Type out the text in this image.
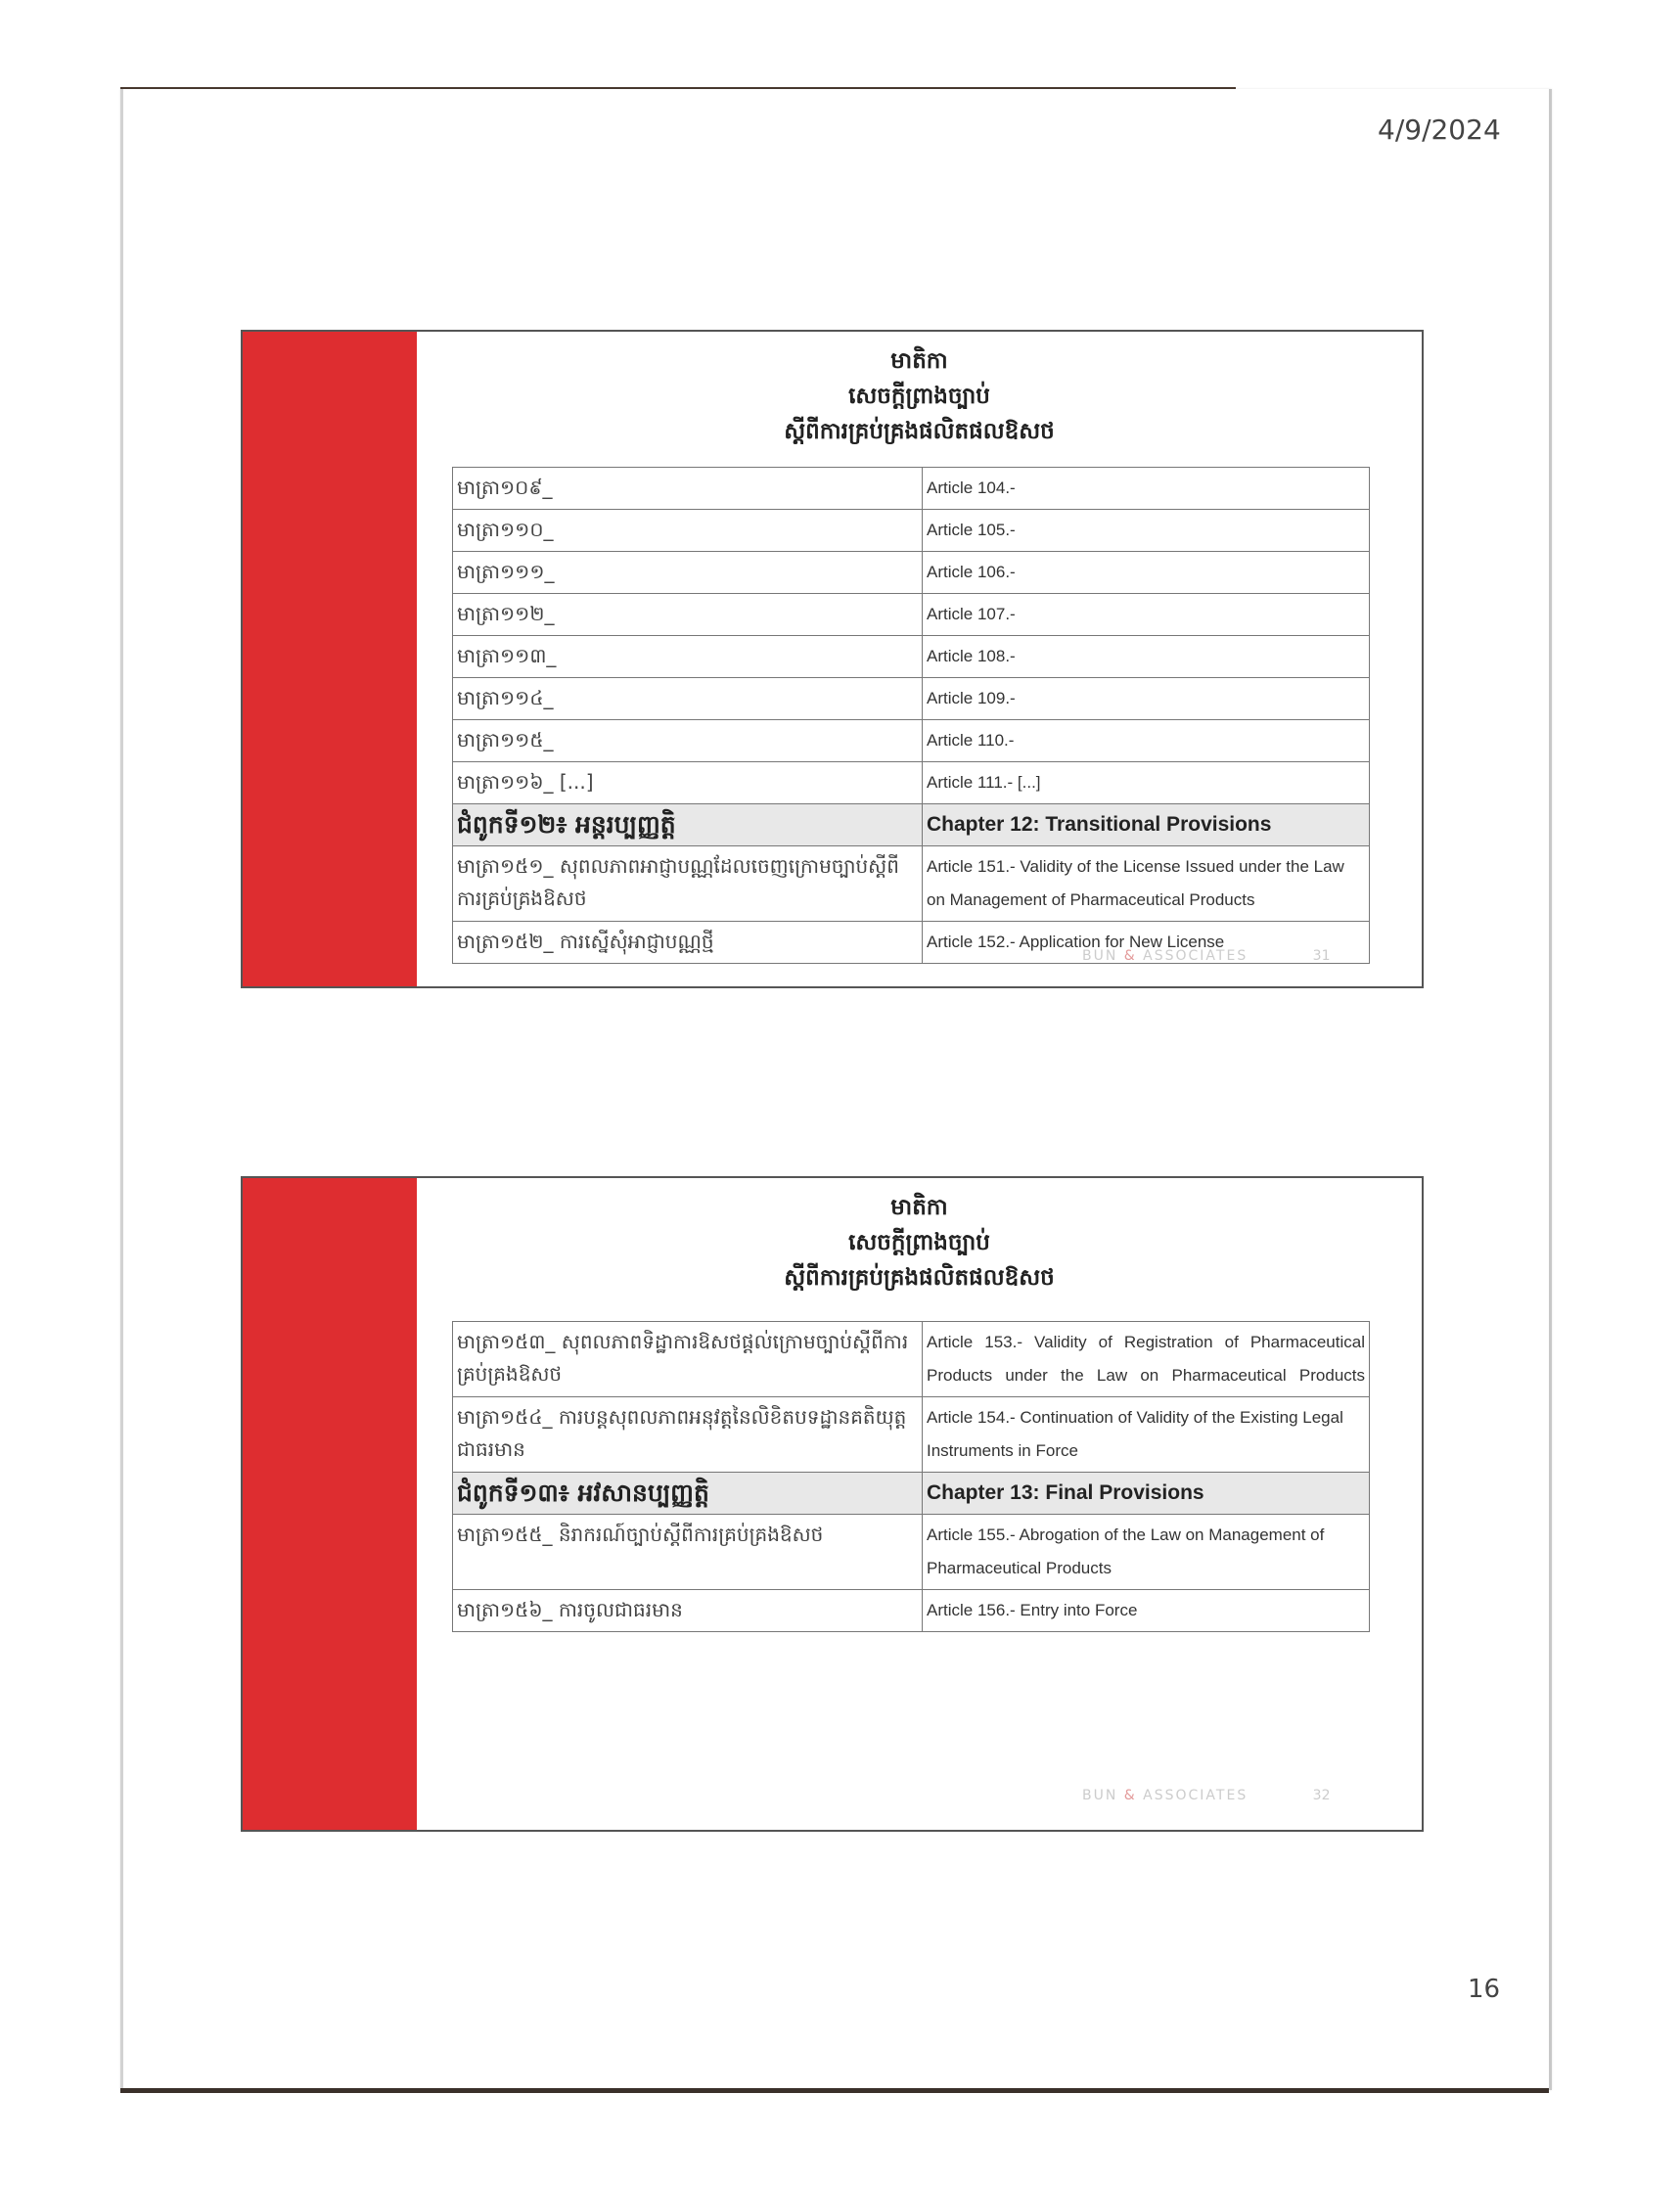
4/9/2024
មាតិកា
សេចក្តីព្រាងច្បាប់
ស្តីពីការគ្រប់គ្រងផលិតផលឱសថ
មាត្រា១០៩_	Article 104.-
មាត្រា១១០_	Article 105.-
មាត្រា១១១_	Article 106.-
មាត្រា១១២_	Article 107.-
មាត្រា១១៣_	Article 108.-
មាត្រា១១៤_	Article 109.-
មាត្រា១១៥_	Article 110.-
មាត្រា១១៦_ [...]	Article 111.- [...]
ជំពូកទី១២៖ អន្តរប្បញ្ញត្តិ	Chapter 12: Transitional Provisions
មាត្រា១៥១_ សុពលភាពអាជ្ញាបណ្ណដែលចេញក្រោមច្បាប់ស្តីពីការគ្រប់គ្រងឱសថ	Article 151.- Validity of the License Issued under the Law on Management of Pharmaceutical Products
មាត្រា១៥២_ ការស្នើសុំអាជ្ញាបណ្ណថ្មី	Article 152.- Application for New License
BUN & ASSOCIATES	31
មាតិកា
សេចក្តីព្រាងច្បាប់
ស្តីពីការគ្រប់គ្រងផលិតផលឱសថ
មាត្រា១៥៣_ សុពលភាពទិដ្ឋាការឱសថផ្តល់ក្រោមច្បាប់ស្តីពីការគ្រប់គ្រងឱសថ	Article 153.- Validity of Registration of Pharmaceutical Products under the Law on Pharmaceutical Products
មាត្រា១៥៤_ ការបន្តសុពលភាពអនុវត្តនៃលិខិតបទដ្ឋានគតិយុត្តជាធរមាន	Article 154.- Continuation of Validity of the Existing Legal Instruments in Force
ជំពូកទី១៣៖ អវសានប្បញ្ញត្តិ	Chapter 13: Final Provisions
មាត្រា១៥៥_ និរាករណ៍ច្បាប់ស្តីពីការគ្រប់គ្រងឱសថ	Article 155.- Abrogation of the Law on Management of Pharmaceutical Products
មាត្រា១៥៦_ ការចូលជាធរមាន	Article 156.- Entry into Force
BUN & ASSOCIATES	32
16
